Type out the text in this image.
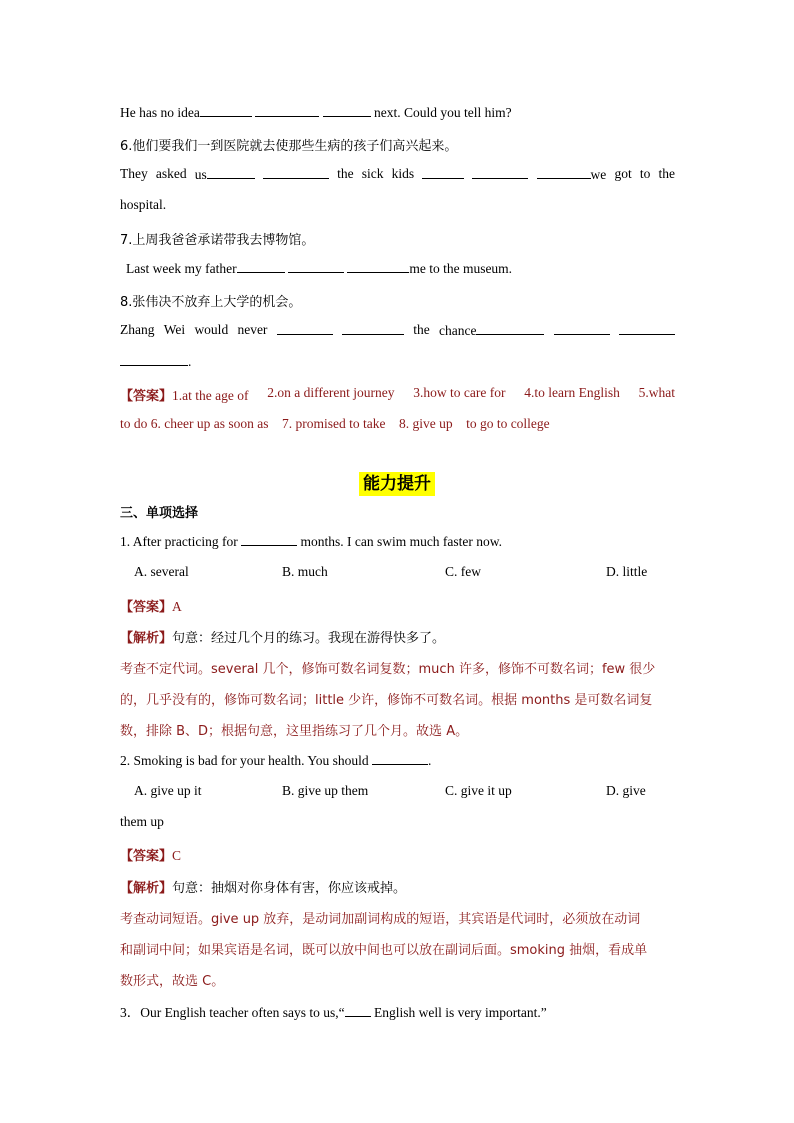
He has no idea	next. Could you tell him?
6.他们要我们一到医院就去使那些生病的孩子们高兴起来。
They asked us	the sick kids	we got to the
hospital.
7.上周我爸爸承诺带我去博物馆。
Last week my father	me to the museum.
8.张伟决不放弃上大学的机会。
Zhang Wei would never	the chance
.
【答案】1.at the age of 2.on a different journey 3.how to care for 4.to learn English 5.what
to do 6. cheer up as soon as    7. promised to take    8. give up    to go to college
能力提升
三、单项选择
1. After practicing for	months. I can swim much faster now.
A. several	B. much	C. few	D. little
【答案】A
【解析】句意：经过几个月的练习。我现在游得快多了。
考查不定代词。several 几个，修饰可数名词复数；much 许多，修饰不可数名词；few 很少
的，几乎没有的，修饰可数名词；little 少许，修饰不可数名词。根据 months 是可数名词复
数，排除 B、D；根据句意，这里指练习了几个月。故选 A。
2. Smoking is bad for your health. You should	.
A. give up it	B. give up them	C. give it up	D. give
them up
【答案】C
【解析】句意：抽烟对你身体有害，你应该戒掉。
考查动词短语。give up 放弃，是动词加副词构成的短语，其宾语是代词时，必须放在动词
和副词中间；如果宾语是名词，既可以放中间也可以放在副词后面。smoking 抽烟，看成单
数形式，故选 C。
3．Our English teacher often says to us,“ English well is very important.”
